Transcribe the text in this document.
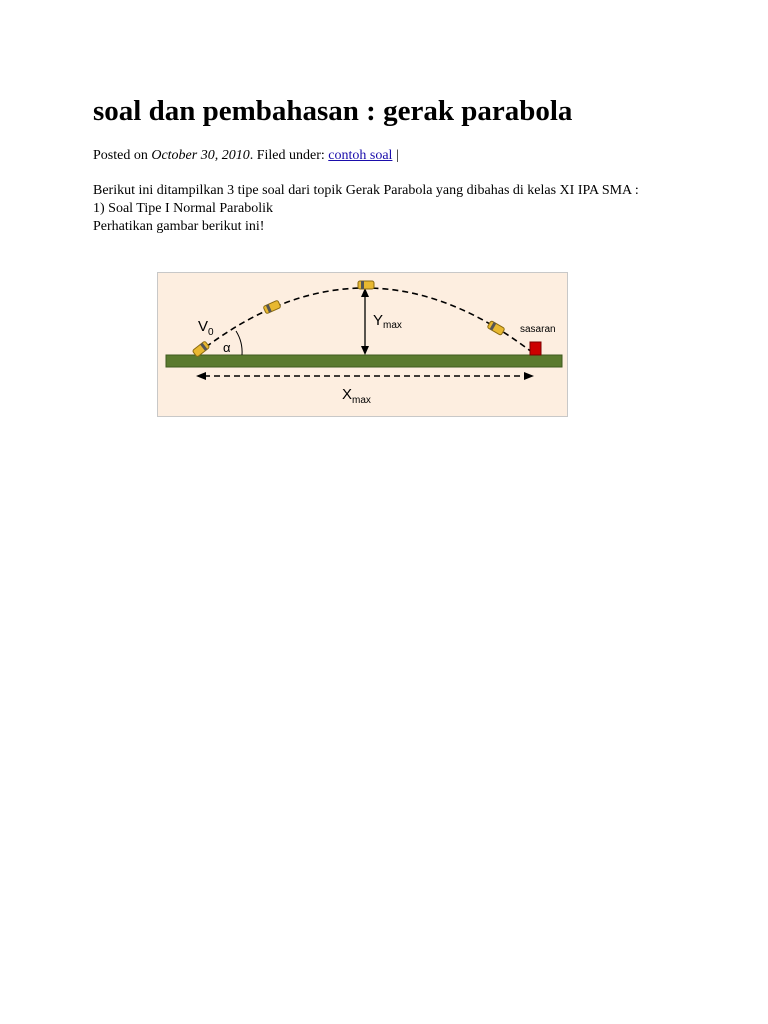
soal dan pembahasan : gerak parabola
Posted on October 30, 2010. Filed under: contoh soal |

Berikut ini ditampilkan 3 tipe soal dari topik Gerak Parabola yang dibahas di kelas XI IPA SMA :

1) Soal Tipe I Normal Parabolik

Perhatikan gambar berikut ini!

$V_0$
α
$Y_{max}$	sasaran
$X_{max}$
